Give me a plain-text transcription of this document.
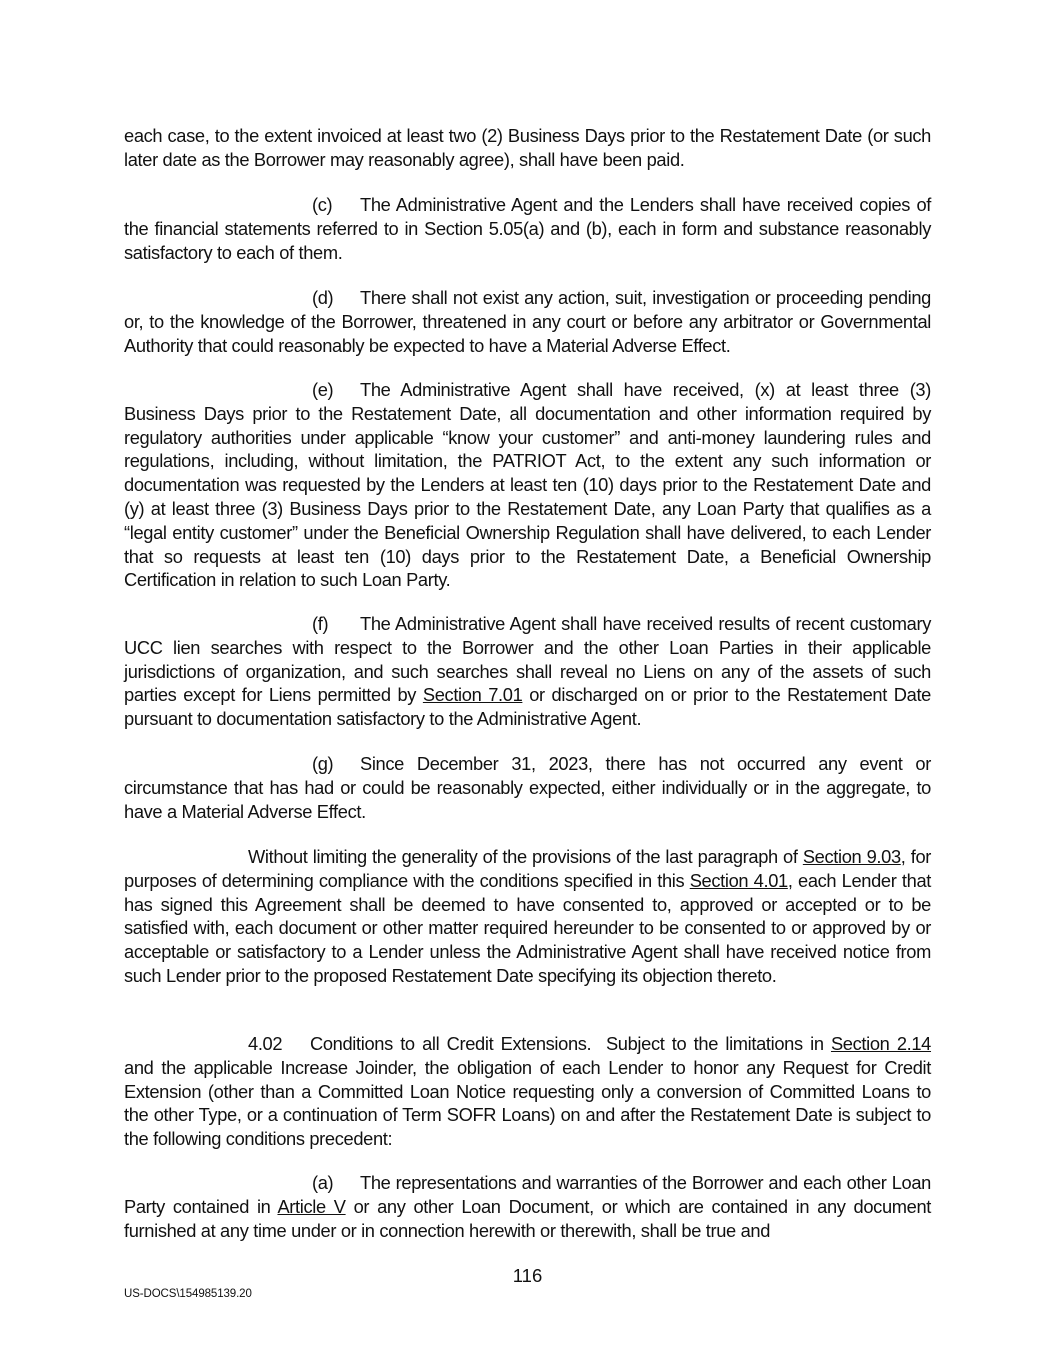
each case, to the extent invoiced at least two (2) Business Days prior to the Restatement Date (or such later date as the Borrower may reasonably agree), shall have been paid.

(c) The Administrative Agent and the Lenders shall have received copies of the financial statements referred to in Section 5.05(a) and (b), each in form and substance reasonably satisfactory to each of them.

(d) There shall not exist any action, suit, investigation or proceeding pending or, to the knowledge of the Borrower, threatened in any court or before any arbitrator or Governmental Authority that could reasonably be expected to have a Material Adverse Effect.

(e) The Administrative Agent shall have received, (x) at least three (3) Business Days prior to the Restatement Date, all documentation and other information required by regulatory authorities under applicable “know your customer” and anti-money laundering rules and regulations, including, without limitation, the PATRIOT Act, to the extent any such information or documentation was requested by the Lenders at least ten (10) days prior to the Restatement Date and (y) at least three (3) Business Days prior to the Restatement Date, any Loan Party that qualifies as a “legal entity customer” under the Beneficial Ownership Regulation shall have delivered, to each Lender that so requests at least ten (10) days prior to the Restatement Date, a Beneficial Ownership Certification in relation to such Loan Party.

(f) The Administrative Agent shall have received results of recent customary UCC lien searches with respect to the Borrower and the other Loan Parties in their applicable jurisdictions of organization, and such searches shall reveal no Liens on any of the assets of such parties except for Liens permitted by Section 7.01 or discharged on or prior to the Restatement Date pursuant to documentation satisfactory to the Administrative Agent.

(g) Since December 31, 2023, there has not occurred any event or circumstance that has had or could be reasonably expected, either individually or in the aggregate, to have a Material Adverse Effect.

Without limiting the generality of the provisions of the last paragraph of Section 9.03, for purposes of determining compliance with the conditions specified in this Section 4.01, each Lender that has signed this Agreement shall be deemed to have consented to, approved or accepted or to be satisfied with, each document or other matter required hereunder to be consented to or approved by or acceptable or satisfactory to a Lender unless the Administrative Agent shall have received notice from such Lender prior to the proposed Restatement Date specifying its objection thereto.

4.02 Conditions to all Credit Extensions.  Subject to the limitations in Section 2.14 and the applicable Increase Joinder, the obligation of each Lender to honor any Request for Credit Extension (other than a Committed Loan Notice requesting only a conversion of Committed Loans to the other Type, or a continuation of Term SOFR Loans) on and after the Restatement Date is subject to the following conditions precedent:

(a) The representations and warranties of the Borrower and each other Loan Party contained in Article V or any other Loan Document, or which are contained in any document furnished at any time under or in connection herewith or therewith, shall be true and

116
US-DOCS\154985139.20
